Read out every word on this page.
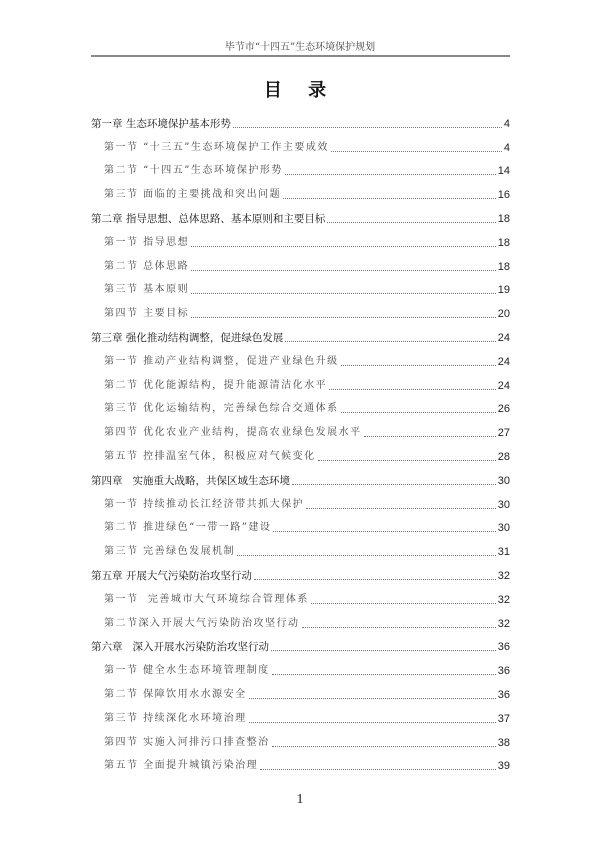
毕节市“十四五”生态环境保护规划
目 录
第一章 生态环境保护基本形势	4
第一节 “十三五”生态环境保护工作主要成效	4
第二节 “十四五”生态环境保护形势	14
第三节 面临的主要挑战和突出问题	16
第二章 指导思想、总体思路、基本原则和主要目标	18
第一节 指导思想	18
第二节 总体思路	18
第三节 基本原则	19
第四节 主要目标	20
第三章 强化推动结构调整，促进绿色发展	24
第一节 推动产业结构调整，促进产业绿色升级	24
第二节 优化能源结构，提升能源清洁化水平	24
第三节 优化运输结构，完善绿色综合交通体系	26
第四节 优化农业产业结构，提高农业绿色发展水平	27
第五节 控排温室气体，积极应对气候变化	28
第四章   实施重大战略，共保区域生态环境	30
第一节 持续推动长江经济带共抓大保护	30
第二节 推进绿色“一带一路”建设	30
第三节 完善绿色发展机制	31
第五章 开展大气污染防治攻坚行动	32
第一节  完善城市大气环境综合管理体系	32
第二节深入开展大气污染防治攻坚行动	32
第六章   深入开展水污染防治攻坚行动	36
第一节 健全水生态环境管理制度	36
第二节 保障饮用水水源安全	36
第三节 持续深化水环境治理	37
第四节 实施入河排污口排查整治	38
第五节 全面提升城镇污染治理	39
1
